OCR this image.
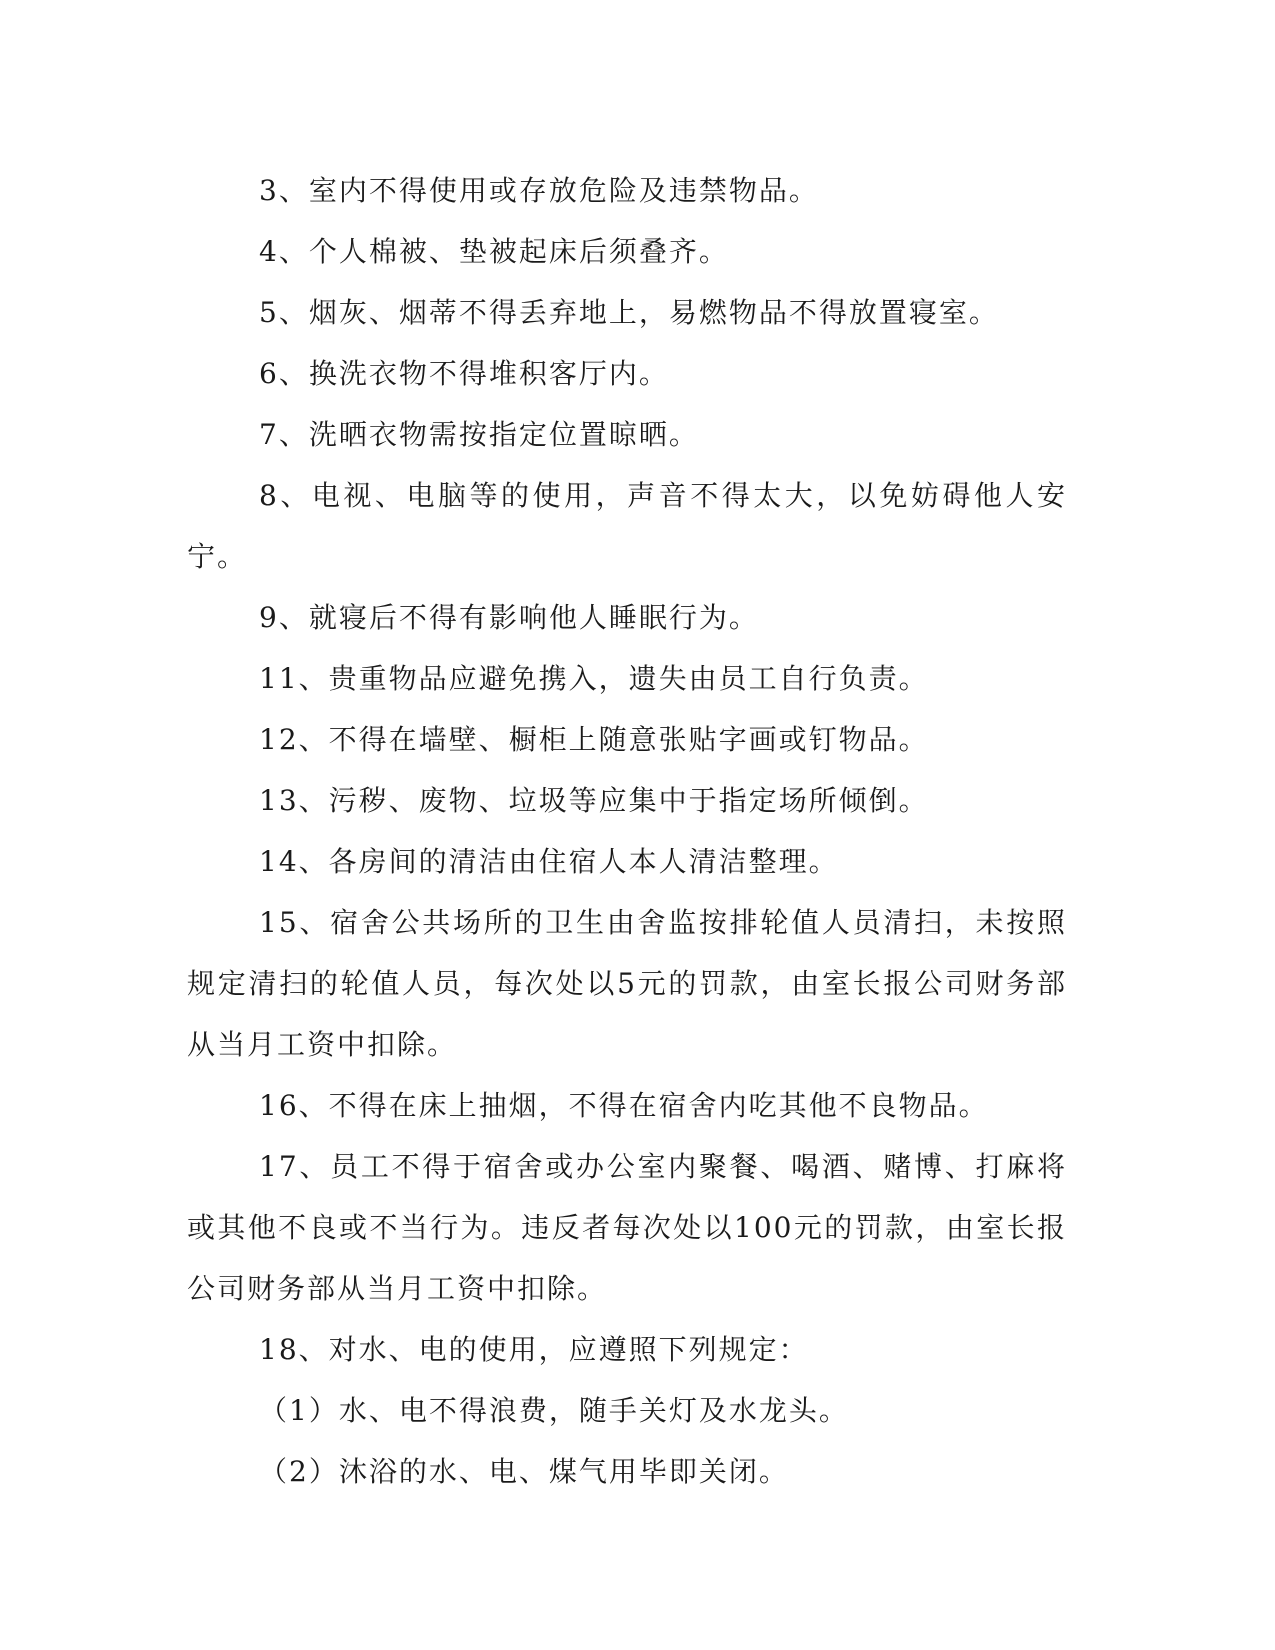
3、室内不得使用或存放危险及违禁物品。

4、个人棉被、垫被起床后须叠齐。

5、烟灰、烟蒂不得丢弃地上，易燃物品不得放置寝室。

6、换洗衣物不得堆积客厅内。

7、洗晒衣物需按指定位置晾晒。

8、电视、电脑等的使用，声音不得太大，以免妨碍他人安宁。

9、就寝后不得有影响他人睡眠行为。

11、贵重物品应避免携入，遗失由员工自行负责。

12、不得在墙壁、橱柜上随意张贴字画或钉物品。

13、污秽、废物、垃圾等应集中于指定场所倾倒。

14、各房间的清洁由住宿人本人清洁整理。

15、宿舍公共场所的卫生由舍监按排轮值人员清扫，未按照规定清扫的轮值人员，每次处以5元的罚款，由室长报公司财务部从当月工资中扣除。

16、不得在床上抽烟，不得在宿舍内吃其他不良物品。

17、员工不得于宿舍或办公室内聚餐、喝酒、赌博、打麻将或其他不良或不当行为。违反者每次处以100元的罚款，由室长报公司财务部从当月工资中扣除。

18、对水、电的使用，应遵照下列规定：

（1）水、电不得浪费，随手关灯及水龙头。

（2）沐浴的水、电、煤气用毕即关闭。
